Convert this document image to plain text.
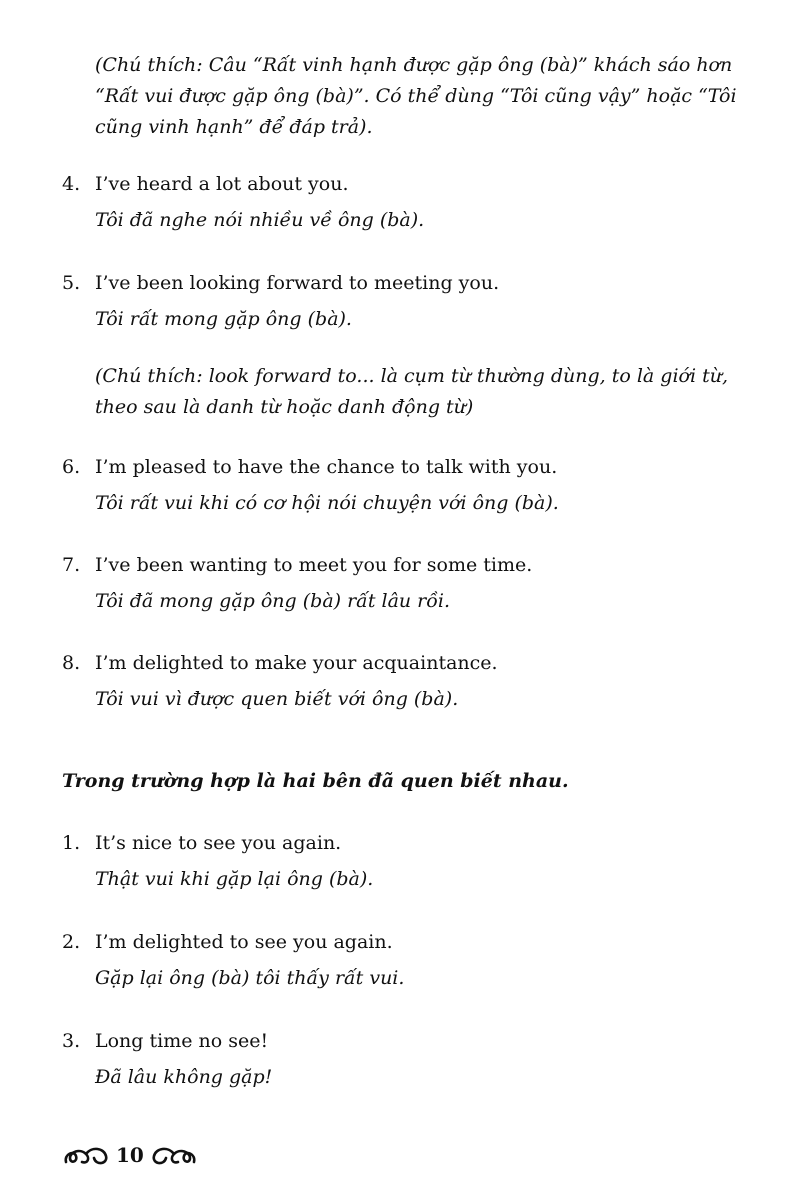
(Chú thích: Câu “Rất vinh hạnh được gặp ông (bà)” khách sáo hơn

“Rất vui được gặp ông (bà)”. Có thể dùng “Tôi cũng vậy” hoặc “Tôi

cũng vinh hạnh” để đáp trả).

4. I’ve heard a lot about you.
Tôi đã nghe nói nhiều về ông (bà).
5. I’ve been looking forward to meeting you.
Tôi rất mong gặp ông (bà).

(Chú thích: look forward to... là cụm từ thường dùng, to là giới từ,

theo sau là danh từ hoặc danh động từ)

6. I’m pleased to have the chance to talk with you.
Tôi rất vui khi có cơ hội nói chuyện với ông (bà).
7. I’ve been wanting to meet you for some time.
Tôi đã mong gặp ông (bà) rất lâu rồi.
8. I’m delighted to make your acquaintance.
Tôi vui vì được quen biết với ông (bà).
Trong trường hợp là hai bên đã quen biết nhau.
1. It’s nice to see you again.
Thật vui khi gặp lại ông (bà).
2. I’m delighted to see you again.
Gặp lại ông (bà) tôi thấy rất vui.
3. Long time no see!
Đã lâu không gặp!
10
